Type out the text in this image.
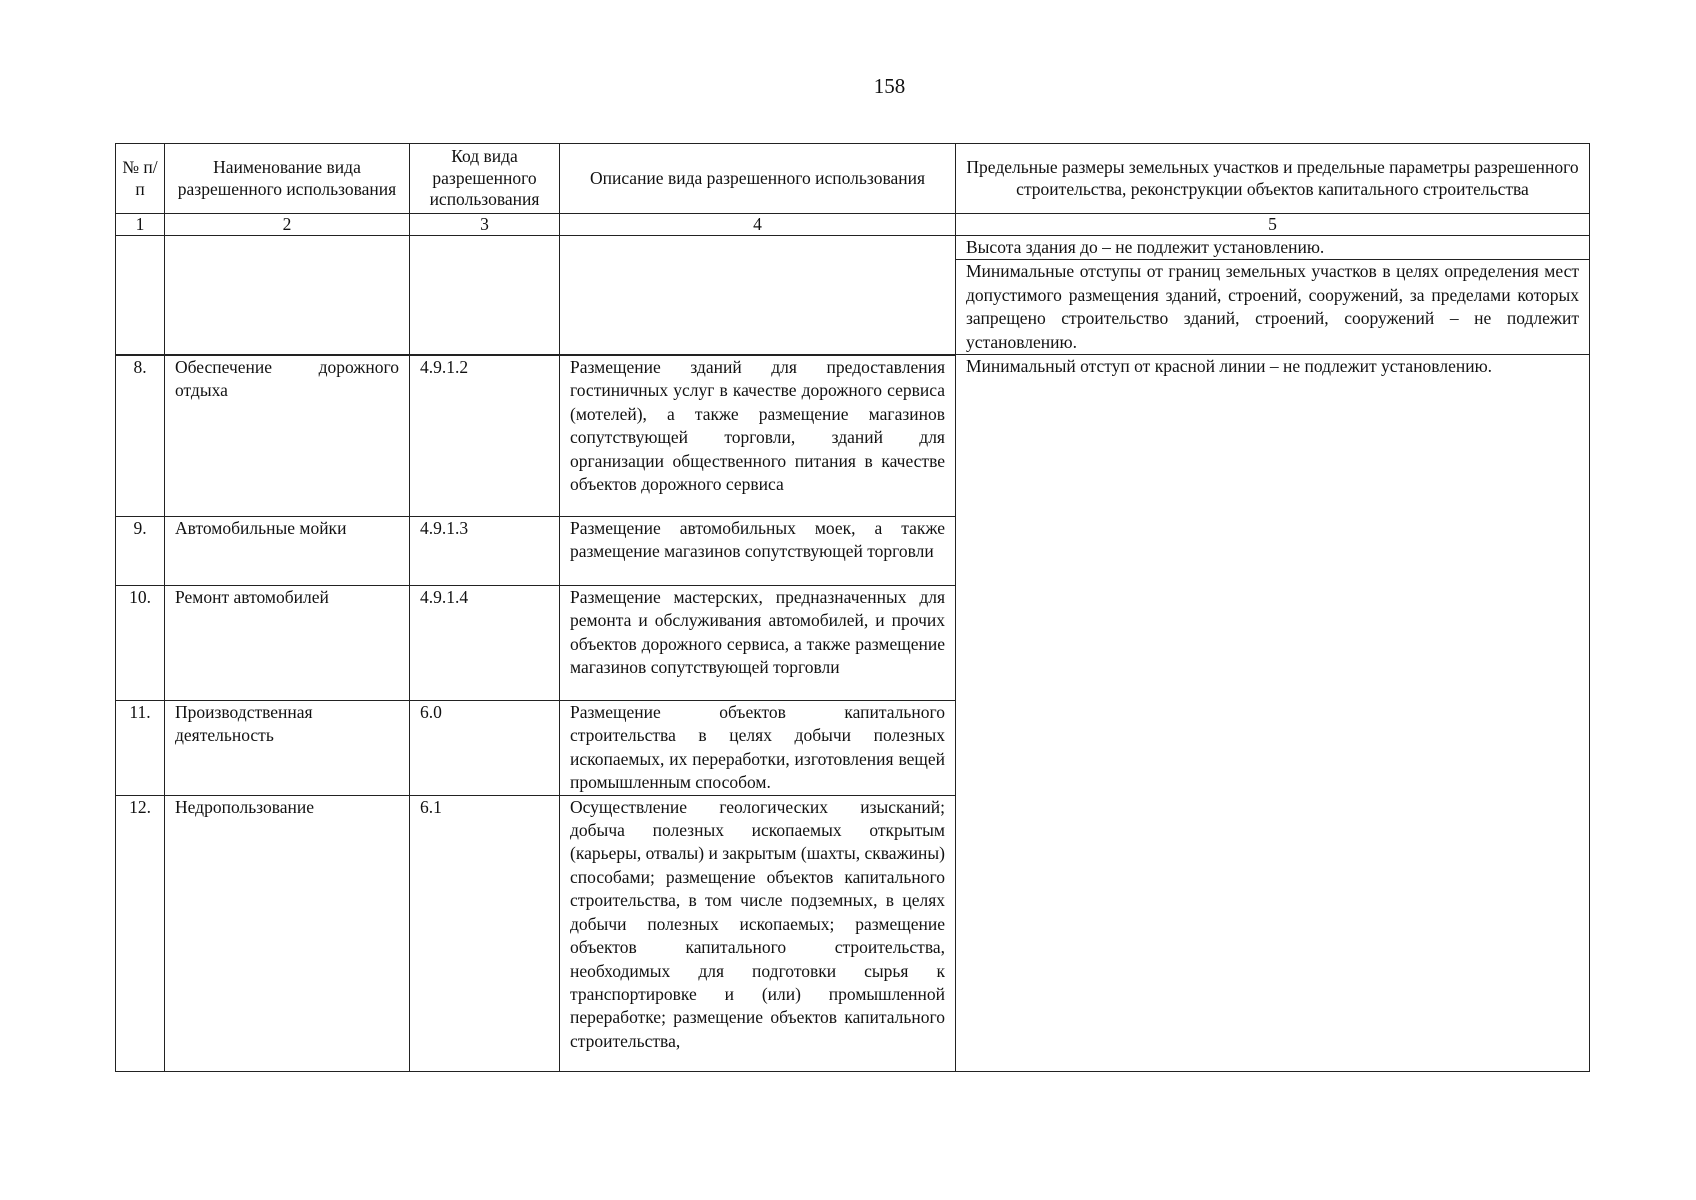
158
№ п/п	Наименование вида разрешенного использования	Код вида разрешенного использования	Описание вида разрешенного использования	Предельные размеры земельных участков и предельные параметры разрешенного строительства, реконструкции объектов капитального строительства
1	2	3	4	5
				Высота здания до – не подлежит установлению.
				Минимальные отступы от границ земельных участков в целях определения мест допустимого размещения зданий, строений, сооружений, за пределами которых запрещено строительство зданий, строений, сооружений – не подлежит установлению.
				Минимальный отступ от красной линии – не подлежит установлению.
8.	Обеспечение дорожного отдыха	4.9.1.2	Размещение зданий для предоставления гостиничных услуг в качестве дорожного сервиса (мотелей), а также размещение магазинов сопутствующей торговли, зданий для организации общественного питания в качестве объектов дорожного сервиса	
9.	Автомобильные мойки	4.9.1.3	Размещение автомобильных моек, а также размещение магазинов сопутствующей торговли	
10.	Ремонт автомобилей	4.9.1.4	Размещение мастерских, предназначенных для ремонта и обслуживания автомобилей, и прочих объектов дорожного сервиса, а также размещение магазинов сопутствующей торговли	
11.	Производственная деятельность	6.0	Размещение объектов капитального строительства в целях добычи полезных ископаемых, их переработки, изготовления вещей промышленным способом.	
12.	Недропользование	6.1	Осуществление геологических изысканий; добыча полезных ископаемых открытым (карьеры, отвалы) и закрытым (шахты, скважины) способами; размещение объектов капитального строительства, в том числе подземных, в целях добычи полезных ископаемых; размещение объектов капитального строительства, необходимых для подготовки сырья к транспортировке и (или) промышленной переработке; размещение объектов капитального строительства,	
